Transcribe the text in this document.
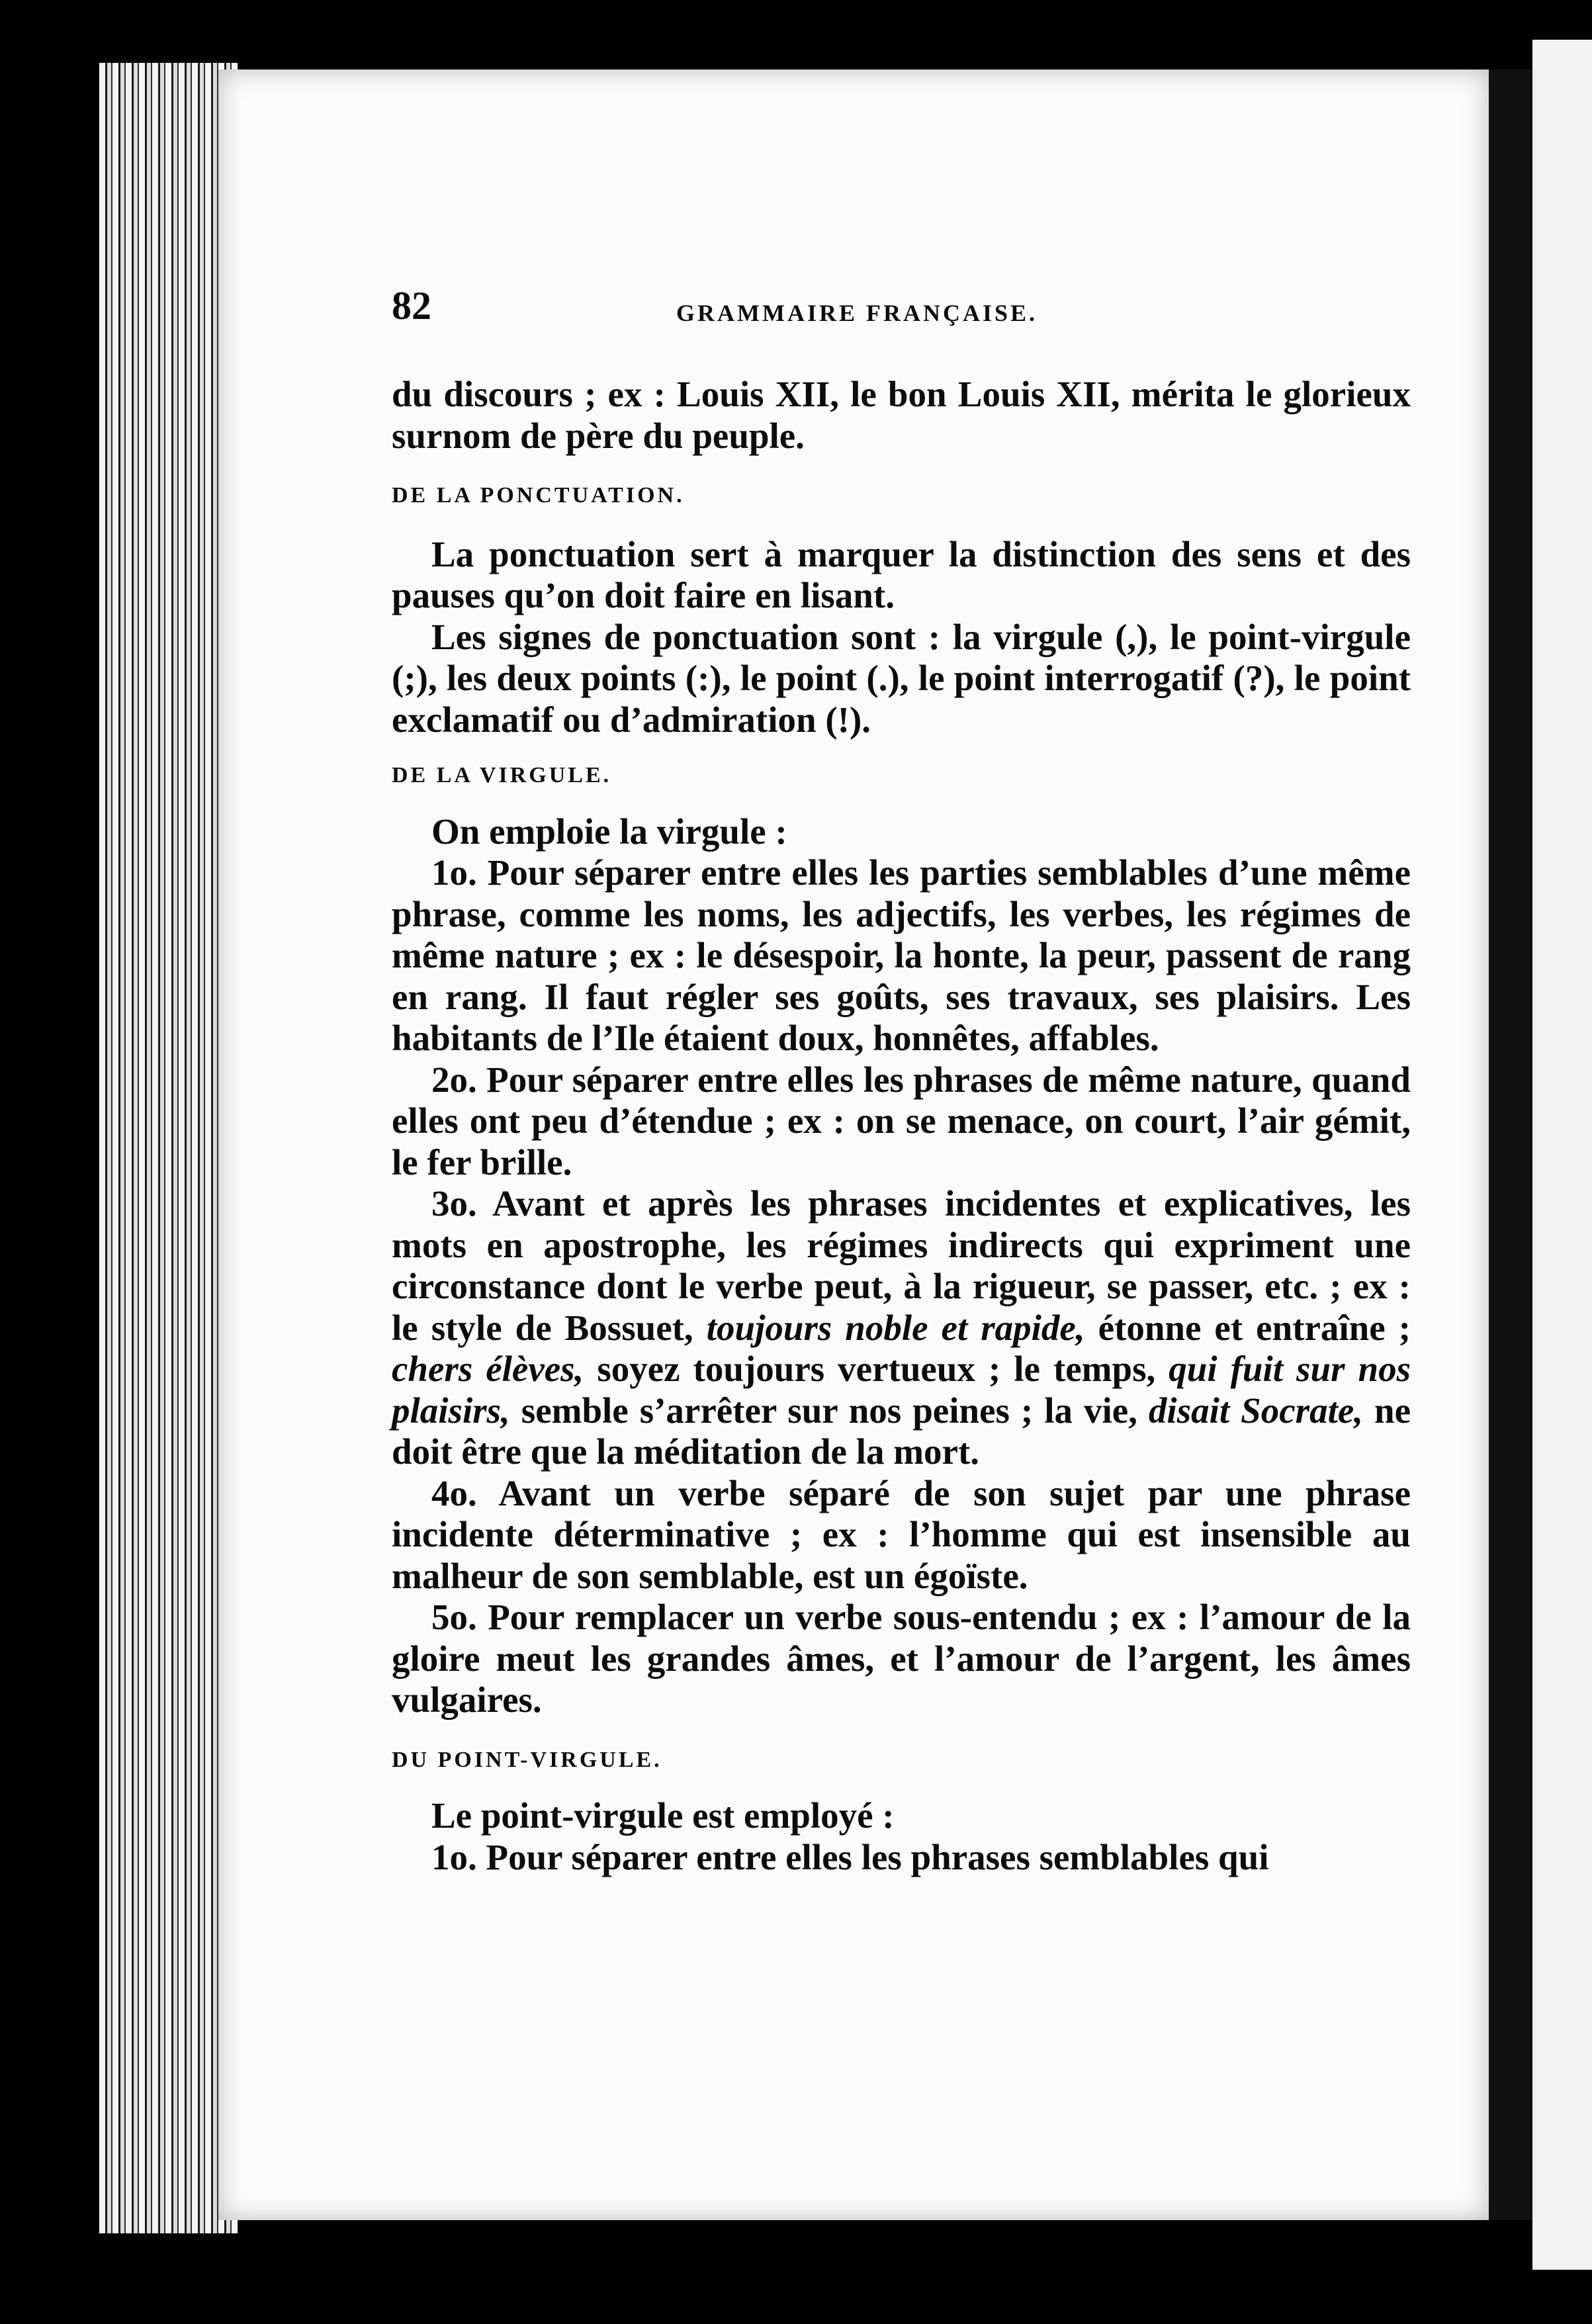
82	GRAMMAIRE FRANÇAISE.

du discours ; ex : Louis XII, le bon Louis XII, mérita le glorieux surnom de père du peuple.

DE LA PONCTUATION.

La ponctuation sert à marquer la distinction des sens et des pauses qu’on doit faire en lisant.

Les signes de ponctuation sont : la virgule (,), le point-virgule (;), les deux points (:), le point (.), le point interrogatif (?), le point exclamatif ou d’admiration (!).

DE LA VIRGULE.

On emploie la virgule :

1o. Pour séparer entre elles les parties semblables d’une même phrase, comme les noms, les adjectifs, les verbes, les régimes de même nature ; ex : le désespoir, la honte, la peur, passent de rang en rang. Il faut régler ses goûts, ses travaux, ses plaisirs. Les habitants de l’Ile étaient doux, honnêtes, affables.

2o. Pour séparer entre elles les phrases de même nature, quand elles ont peu d’étendue ; ex : on se menace, on court, l’air gémit, le fer brille.

3o. Avant et après les phrases incidentes et explicatives, les mots en apostrophe, les régimes indirects qui expriment une circonstance dont le verbe peut, à la rigueur, se passer, etc. ; ex : le style de Bossuet, toujours noble et rapide, étonne et entraîne ; chers élèves, soyez toujours vertueux ; le temps, qui fuit sur nos plaisirs, semble s’arrêter sur nos peines ; la vie, disait Socrate, ne doit être que la méditation de la mort.

4o. Avant un verbe séparé de son sujet par une phrase incidente déterminative ; ex : l’homme qui est insensible au malheur de son semblable, est un égoïste.

5o. Pour remplacer un verbe sous-entendu ; ex : l’amour de la gloire meut les grandes âmes, et l’amour de l’argent, les âmes vulgaires.

DU POINT-VIRGULE.

Le point-virgule est employé :

1o. Pour séparer entre elles les phrases semblables qui
